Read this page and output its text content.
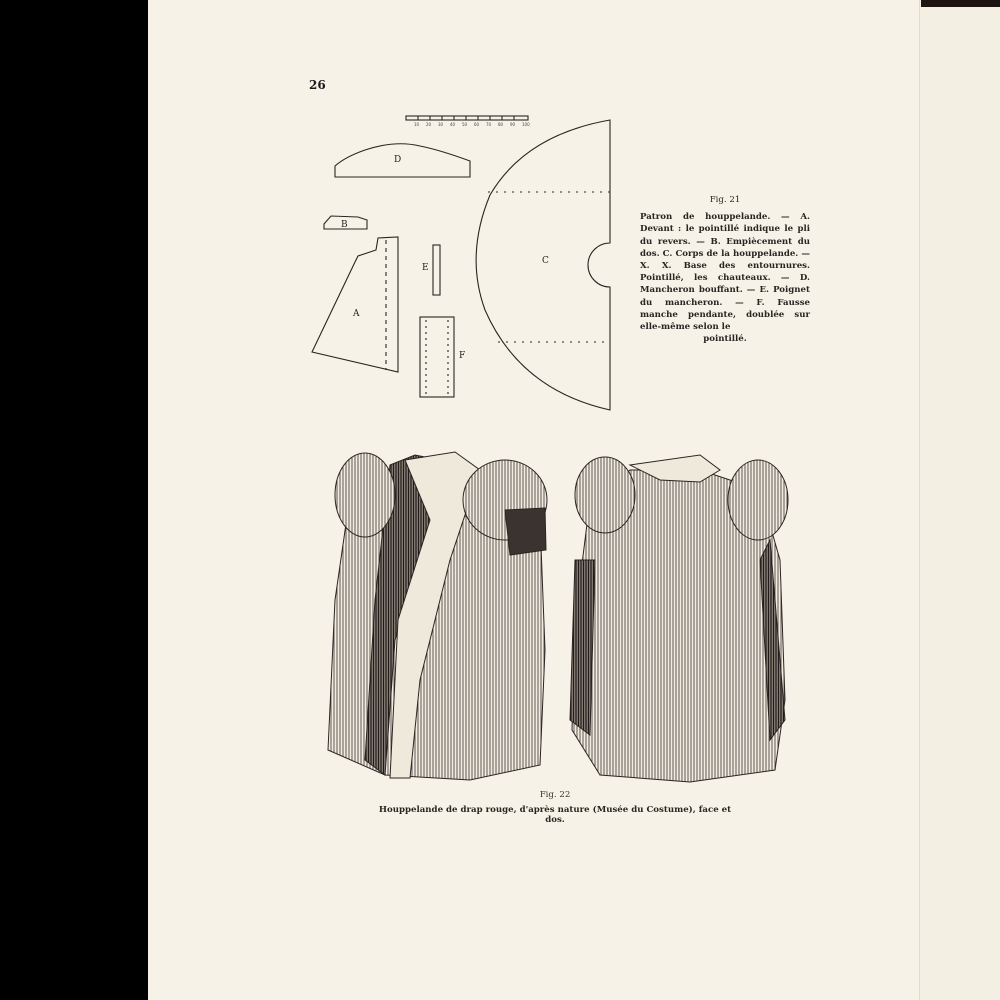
26
10 20 30 40 50 60 70 80 90 100
A
B
C
D
E
F
Fig. 21
Patron de houppelande. — A. Devant : le pointillé indique le pli du revers. — B. Empiècement du dos. C. Corps de la houppelande. — X. X. Base des entournures. Pointillé, les chauteaux. — D. Mancheron bouffant. — E. Poignet du mancheron. — F. Fausse manche pendante, doublée sur elle-même selon le
pointillé.
Fig. 22
Houppelande de drap rouge, d'après nature (Musée du Costume), face et dos.
